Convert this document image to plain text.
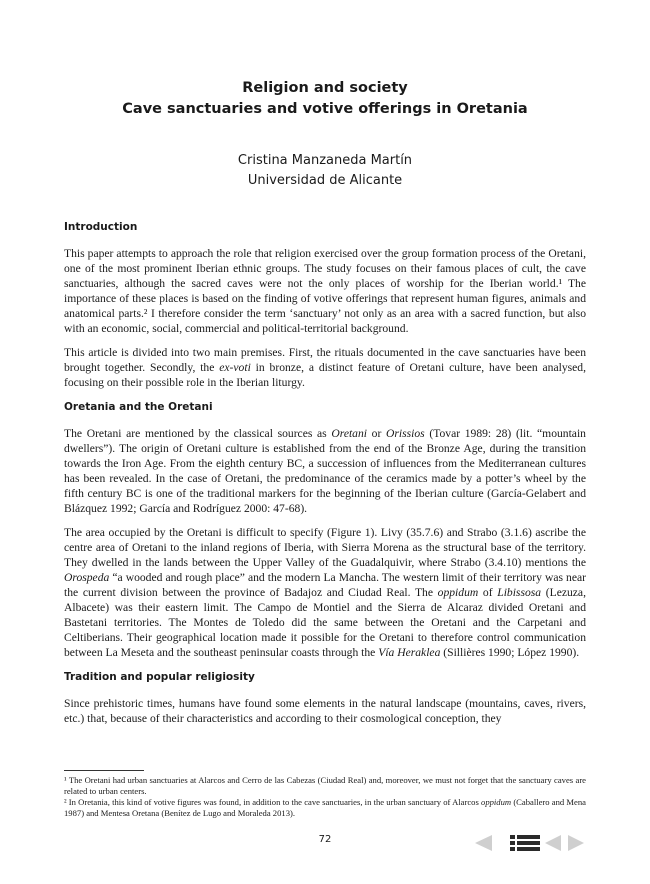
Religion and society
Cave sanctuaries and votive offerings in Oretania
Cristina Manzaneda Martín
Universidad de Alicante
Introduction

This paper attempts to approach the role that religion exercised over the group formation process of the Oretani, one of the most prominent Iberian ethnic groups. The study focuses on their famous places of cult, the cave sanctuaries, although the sacred caves were not the only places of worship for the Iberian world.¹ The importance of these places is based on the finding of votive offerings that represent human figures, animals and anatomical parts.² I therefore consider the term ‘sanctuary’ not only as an area with a sacred function, but also with an economic, social, commercial and political-territorial background.

This article is divided into two main premises. First, the rituals documented in the cave sanctuaries have been brought together. Secondly, the ex-voti in bronze, a distinct feature of Oretani culture, have been analysed, focusing on their possible role in the Iberian liturgy.

Oretania and the Oretani

The Oretani are mentioned by the classical sources as Oretani or Orissios (Tovar 1989: 28) (lit. “mountain dwellers”). The origin of Oretani culture is established from the end of the Bronze Age, during the transition towards the Iron Age. From the eighth century BC, a succession of influences from the Mediterranean cultures has been revealed. In the case of Oretani, the predominance of the ceramics made by a potter’s wheel by the fifth century BC is one of the traditional markers for the beginning of the Iberian culture (García-Gelabert and Blázquez 1992; García and Rodríguez 2000: 47-68).

The area occupied by the Oretani is difficult to specify (Figure 1). Livy (35.7.6) and Strabo (3.1.6) ascribe the centre area of Oretani to the inland regions of Iberia, with Sierra Morena as the structural base of the territory. They dwelled in the lands between the Upper Valley of the Guadalquivir, where Strabo (3.4.10) mentions the Orospeda “a wooded and rough place” and the modern La Mancha. The western limit of their territory was near the current division between the province of Badajoz and Ciudad Real. The oppidum of Libissosa (Lezuza, Albacete) was their eastern limit. The Campo de Montiel and the Sierra de Alcaraz divided Oretani and Bastetani territories. The Montes de Toledo did the same between the Oretani and the Carpetani and Celtiberians. Their geographical location made it possible for the Oretani to therefore control communication between La Meseta and the southeast peninsular coasts through the Vía Heraklea (Sillières 1990; López 1990).

Tradition and popular religiosity

Since prehistoric times, humans have found some elements in the natural landscape (mountains, caves, rivers, etc.) that, because of their characteristics and according to their cosmological conception, they

¹ The Oretani had urban sanctuaries at Alarcos and Cerro de las Cabezas (Ciudad Real) and, moreover, we must not forget that the sanctuary caves are related to urban centers.

² In Oretania, this kind of votive figures was found, in addition to the cave sanctuaries, in the urban sanctuary of Alarcos oppidum (Caballero and Mena 1987) and Mentesa Oretana (Benítez de Lugo and Moraleda 2013).

72
